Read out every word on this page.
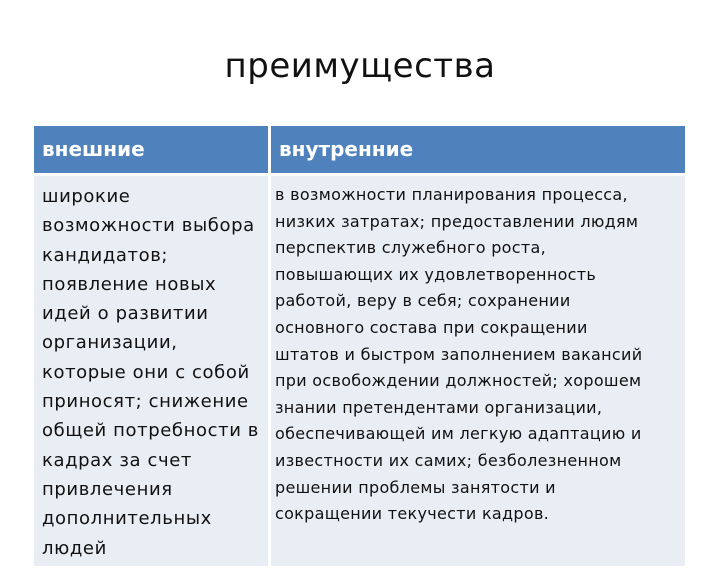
преимущества
внешние	внутренние
широкие
возможности выбора
кандидатов;
появление новых
идей о развитии
организации,
которые они с собой
приносят; снижение
общей потребности в
кадрах за счет
привлечения
дополнительных
людей
в возможности планирования процесса,
низких затратах; предоставлении людям
перспектив служебного роста,
повышающих их удовлетворенность
работой, веру в себя; сохранении
основного состава при сокращении
штатов и быстром заполнением вакансий
при освобождении должностей; хорошем
знании претендентами организации,
обеспечивающей им легкую адаптацию и
известности их самих; безболезненном
решении проблемы занятости и
сокращении текучести кадров.
